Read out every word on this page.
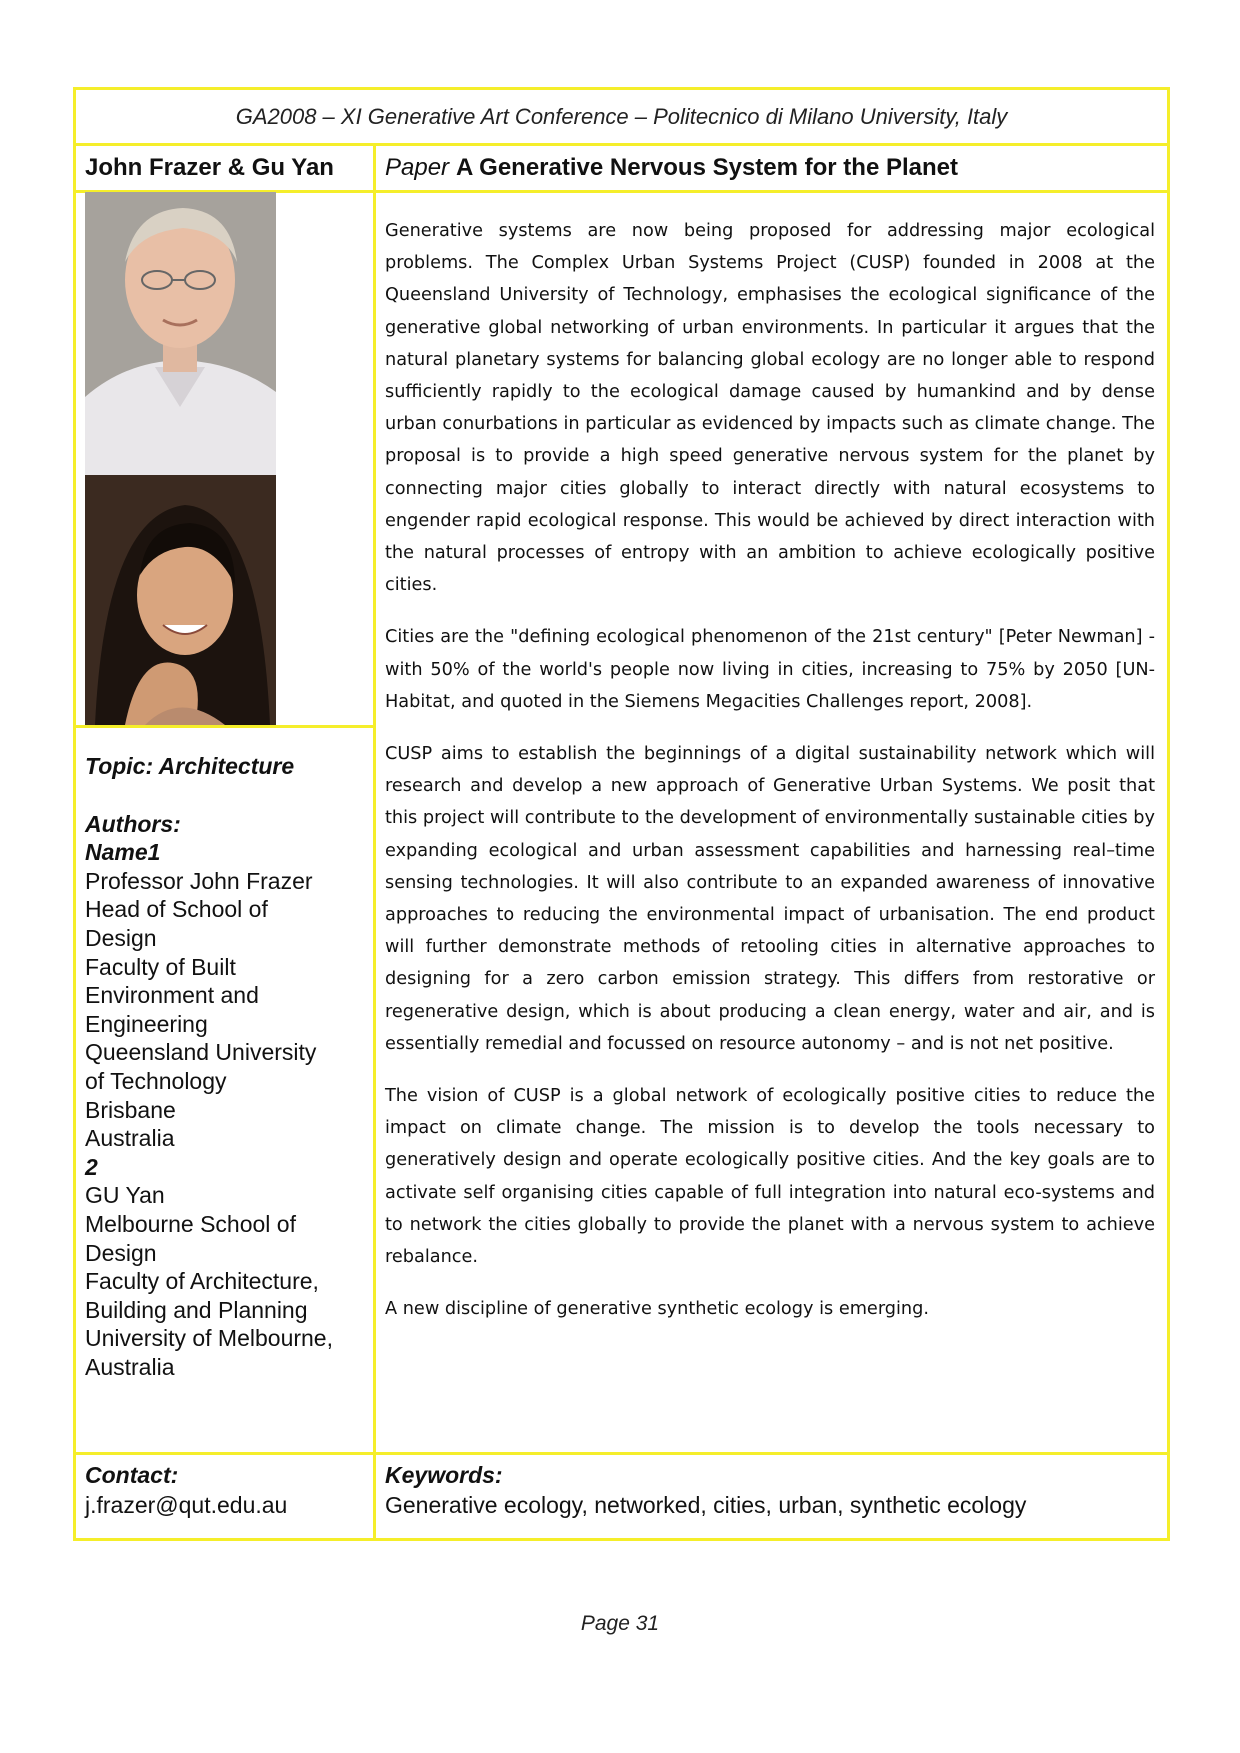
GA2008 – XI Generative Art Conference – Politecnico di Milano University, Italy
John Frazer & Gu Yan	Paper A Generative Nervous System for the Planet
Topic: Architecture
Authors:
Name1
Professor John Frazer
Head of School of
Design
Faculty of Built
Environment and
Engineering
Queensland University
of Technology
Brisbane
Australia
2
GU Yan
Melbourne School of
Design
Faculty of Architecture,
Building and Planning
University of Melbourne,
Australia

Generative systems are now being proposed for addressing major ecological problems. The Complex Urban Systems Project (CUSP) founded in 2008 at the Queensland University of Technology, emphasises the ecological significance of the generative global networking of urban environments. In particular it argues that the natural planetary systems for balancing global ecology are no longer able to respond sufficiently rapidly to the ecological damage caused by humankind and by dense urban conurbations in particular as evidenced by impacts such as climate change. The proposal is to provide a high speed generative nervous system for the planet by connecting major cities globally to interact directly with natural ecosystems to engender rapid ecological response. This would be achieved by direct interaction with the natural processes of entropy with an ambition to achieve ecologically positive cities.

Cities are the "defining ecological phenomenon of the 21st century" [Peter Newman] - with 50% of the world's people now living in cities, increasing to 75% by 2050 [UN-Habitat, and quoted in the Siemens Megacities Challenges report, 2008].

CUSP aims to establish the beginnings of a digital sustainability network which will research and develop a new approach of Generative Urban Systems. We posit that this project will contribute to the development of environmentally sustainable cities by expanding ecological and urban assessment capabilities and harnessing real–time sensing technologies. It will also contribute to an expanded awareness of innovative approaches to reducing the environmental impact of urbanisation. The end product will further demonstrate methods of retooling cities in alternative approaches to designing for a zero carbon emission strategy. This differs from restorative or regenerative design, which is about producing a clean energy, water and air, and is essentially remedial and focussed on resource autonomy – and is not net positive.

The vision of CUSP is a global network of ecologically positive cities to reduce the impact on climate change. The mission is to develop the tools necessary to generatively design and operate ecologically positive cities. And the key goals are to activate self organising cities capable of full integration into natural eco-systems and to network the cities globally to provide the planet with a nervous system to achieve rebalance.

A new discipline of generative synthetic ecology is emerging.

Contact:
j.frazer@qut.edu.au
Keywords:
Generative ecology, networked, cities, urban, synthetic ecology
Page 31
